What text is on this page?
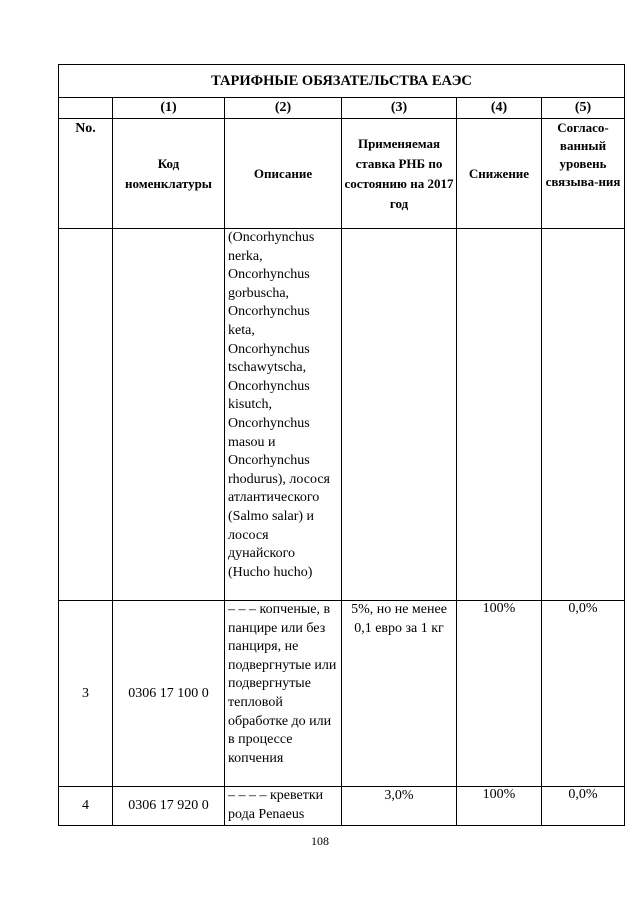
ТАРИФНЫЕ ОБЯЗАТЕЛЬСТВА ЕАЭС					
	(1)	(2)	(3)	(4)	(5)
No.	Код номенклатуры	Описание	Применяемая ставка РНБ по состоянию на 2017 год	Снижение	Согласо-ванный уровень связыва-ния
		(Oncorhynchus nerka, Oncorhynchus gorbuscha, Oncorhynchus keta, Oncorhynchus tschawytscha, Oncorhynchus kisutch, Oncorhynchus masou и Oncorhynchus rhodurus), лосося атлантического (Salmo salar) и лосося дунайского (Hucho hucho)			
3	0306 17 100 0	– – – копченые, в панцире или без панциря, не подвергнутые или подвергнутые тепловой обработке до или в процессе копчения	5%, но не менее 0,1 евро за 1 кг	100%	0,0%
4	0306 17 920 0	– – – – креветки рода Penaeus	3,0%	100%	0,0%
108
